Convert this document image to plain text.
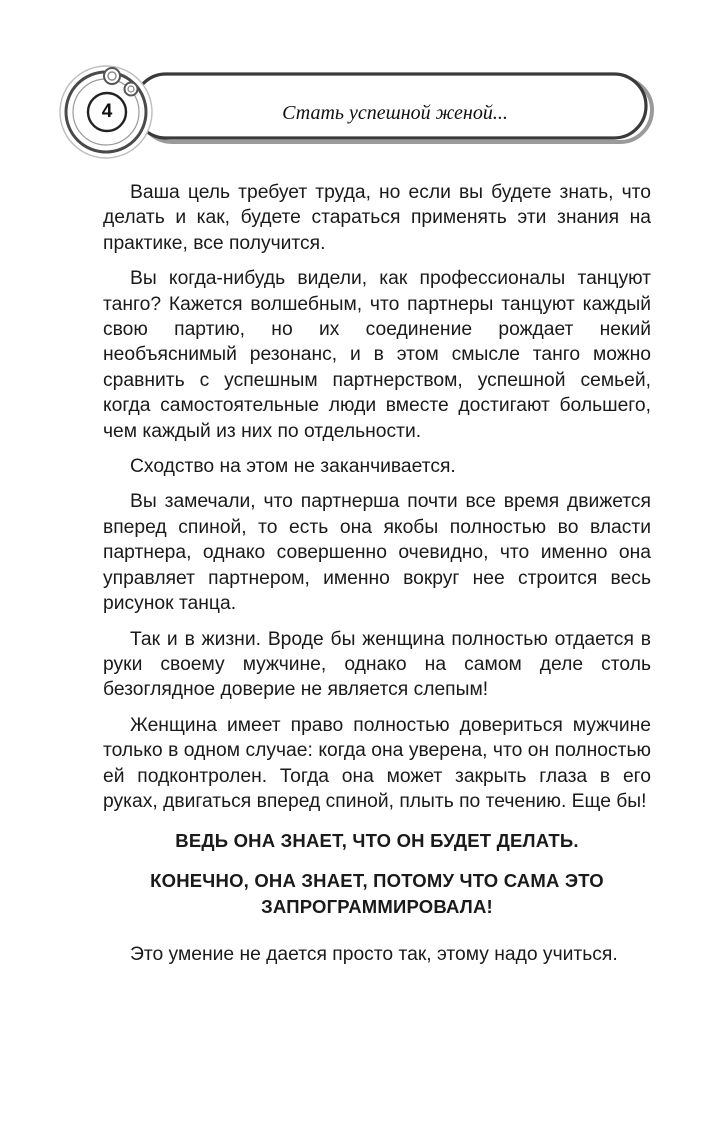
4	Стать успешной женой...

Ваша цель требует труда, но если вы будете знать, что делать и как, будете стараться применять эти знания на практике, все получится.

Вы когда-нибудь видели, как профессионалы танцуют танго? Кажется волшебным, что партнеры танцуют каждый свою партию, но их соединение рождает некий необъяснимый резонанс, и в этом смысле танго можно сравнить с успешным партнерством, успешной семьей, когда самостоятельные люди вместе достигают большего, чем каждый из них по отдельности.

Сходство на этом не заканчивается.

Вы замечали, что партнерша почти все время движется вперед спиной, то есть она якобы полностью во власти партнера, однако совершенно очевидно, что именно она управляет партнером, именно вокруг нее строится весь рисунок танца.

Так и в жизни. Вроде бы женщина полностью отдается в руки своему мужчине, однако на самом деле столь безоглядное доверие не является слепым!

Женщина имеет право полностью довериться мужчине только в одном случае: когда она уверена, что он полностью ей подконтролен. Тогда она может закрыть глаза в его руках, двигаться вперед спиной, плыть по течению. Еще бы!

ВЕДЬ ОНА ЗНАЕТ, ЧТО ОН БУДЕТ ДЕЛАТЬ.

КОНЕЧНО, ОНА ЗНАЕТ, ПОТОМУ ЧТО САМА ЭТО ЗАПРОГРАММИРОВАЛА!

Это умение не дается просто так, этому надо учиться.
